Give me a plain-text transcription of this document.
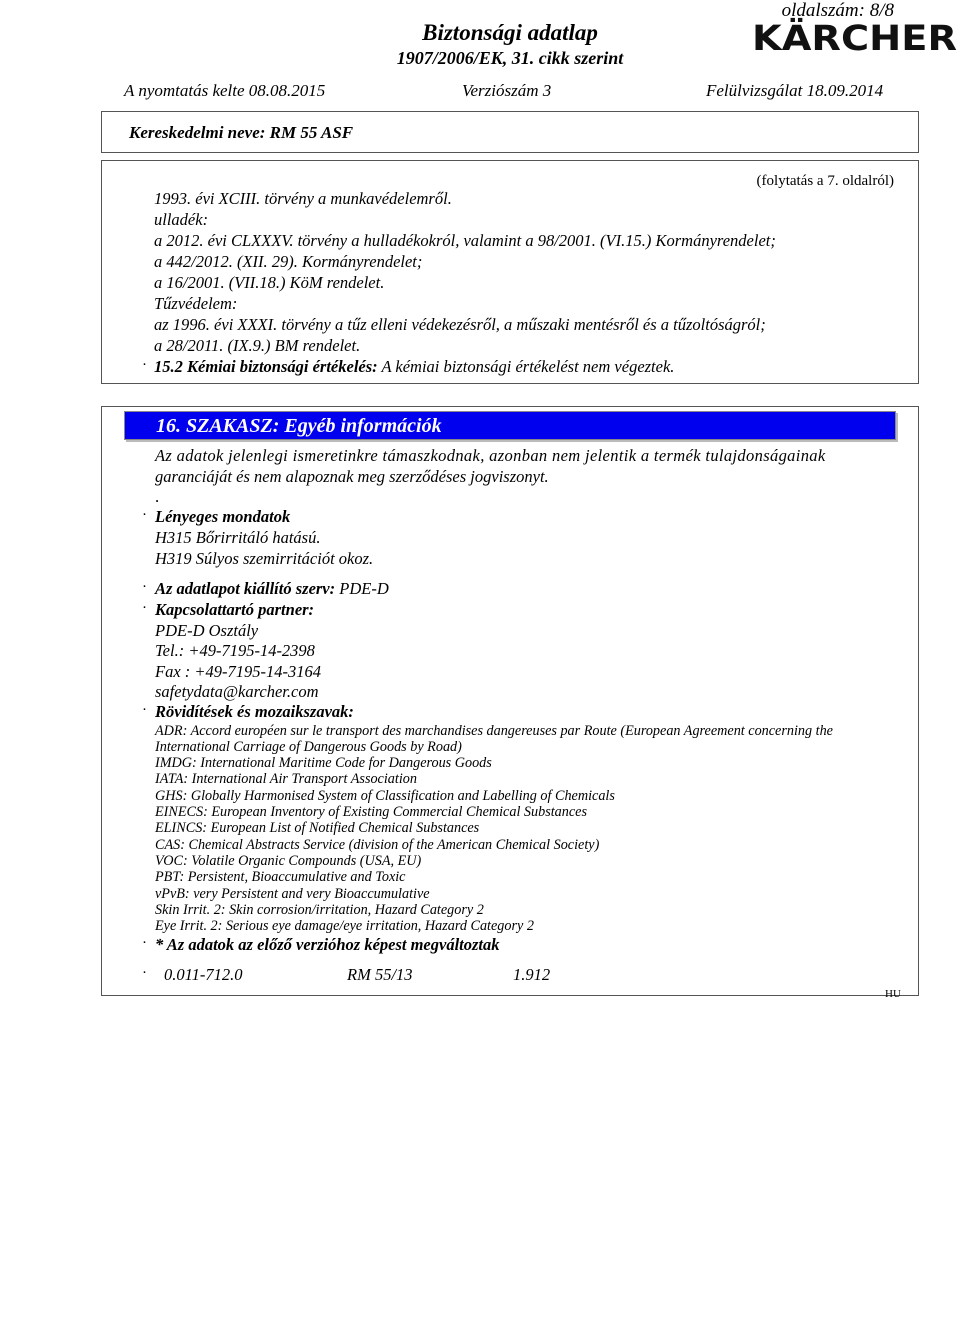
oldalszám: 8/8
Biztonsági adatlap
1907/2006/EK, 31. cikk szerint	KÄRCHER
A nyomtatás kelte 08.08.2015	Verziószám 3	Felülvizsgálat 18.09.2014
Kereskedelmi neve: RM 55 ASF
(folytatás a 7. oldalról)
1993. évi XCIII. törvény a munkavédelemről.
ulladék:
a 2012. évi CLXXXV. törvény a hulladékokról, valamint a 98/2001. (VI.15.) Kormányrendelet;
a 442/2012. (XII. 29). Kormányrendelet;
a 16/2001. (VII.18.) KöM rendelet.
Tűzvédelem:
az 1996. évi XXXI. törvény a tűz elleni védekezésről, a műszaki mentésről és a tűzoltóságról;
a 28/2011. (IX.9.) BM rendelet.
· 15.2 Kémiai biztonsági értékelés: A kémiai biztonsági értékelést nem végeztek.
16. SZAKASZ: Egyéb információk
Az adatok jelenlegi ismeretinkre támaszkodnak, azonban nem jelentik a termék tulajdonságainak
garanciáját és nem alapoznak meg szerződéses jogviszonyt.
.
· Lényeges mondatok
H315 Bőrirritáló hatású.
H319 Súlyos szemirritációt okoz.
· Az adatlapot kiállító szerv: PDE-D
· Kapcsolattartó partner:
PDE-D Osztály
Tel.: +49-7195-14-2398
Fax : +49-7195-14-3164
safetydata@karcher.com
· Rövidítések és mozaikszavak:
ADR: Accord européen sur le transport des marchandises dangereuses par Route (European Agreement concerning the
International Carriage of Dangerous Goods by Road)
IMDG: International Maritime Code for Dangerous Goods
IATA: International Air Transport Association
GHS: Globally Harmonised System of Classification and Labelling of Chemicals
EINECS: European Inventory of Existing Commercial Chemical Substances
ELINCS: European List of Notified Chemical Substances
CAS: Chemical Abstracts Service (division of the American Chemical Society)
VOC: Volatile Organic Compounds (USA, EU)
PBT: Persistent, Bioaccumulative and Toxic
vPvB: very Persistent and very Bioaccumulative
Skin Irrit. 2: Skin corrosion/irritation, Hazard Category 2
Eye Irrit. 2: Serious eye damage/eye irritation, Hazard Category 2
· * Az adatok az előző verzióhoz képest megváltoztak
· 0.011-712.0	RM 55/13	1.912
HU
